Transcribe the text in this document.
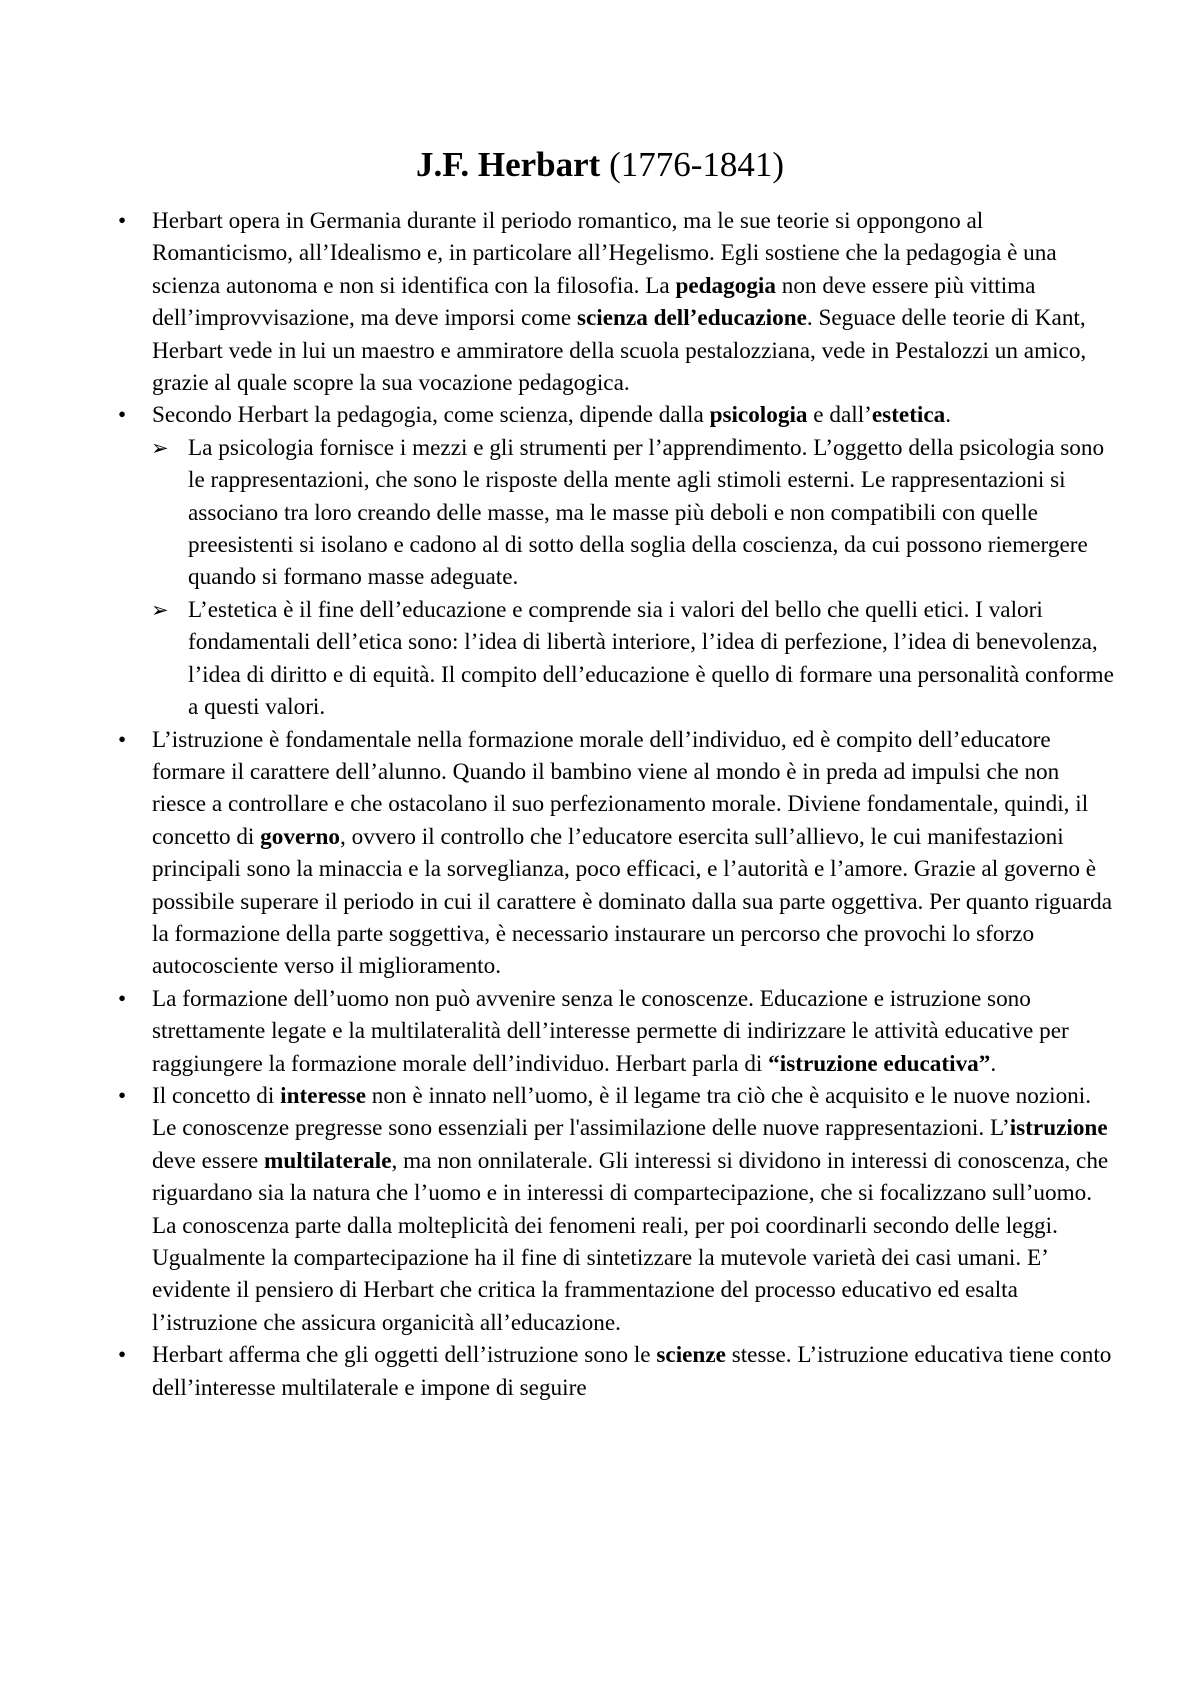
J.F. Herbart (1776-1841)

• Herbart opera in Germania durante il periodo romantico, ma le sue teorie si oppongono al Romanticismo, all’Idealismo e, in particolare all’Hegelismo. Egli sostiene che la pedagogia è una scienza autonoma e non si identifica con la filosofia. La pedagogia non deve essere più vittima dell’improvvisazione, ma deve imporsi come scienza dell’educazione. Seguace delle teorie di Kant, Herbart vede in lui un maestro e ammiratore della scuola pestalozziana, vede in Pestalozzi un amico, grazie al quale scopre la sua vocazione pedagogica.

• Secondo Herbart la pedagogia, come scienza, dipende dalla psicologia e dall’estetica.

➢ La psicologia fornisce i mezzi e gli strumenti per l’apprendimento. L’oggetto della psicologia sono le rappresentazioni, che sono le risposte della mente agli stimoli esterni. Le rappresentazioni si associano tra loro creando delle masse, ma le masse più deboli e non compatibili con quelle preesistenti si isolano e cadono al di sotto della soglia della coscienza, da cui possono riemergere quando si formano masse adeguate.

➢ L’estetica è il fine dell’educazione e comprende sia i valori del bello che quelli etici. I valori fondamentali dell’etica sono: l’idea di libertà interiore, l’idea di perfezione, l’idea di benevolenza, l’idea di diritto e di equità. Il compito dell’educazione è quello di formare una personalità conforme a questi valori.

• L’istruzione è fondamentale nella formazione morale dell’individuo, ed è compito dell’educatore formare il carattere dell’alunno. Quando il bambino viene al mondo è in preda ad impulsi che non riesce a controllare e che ostacolano il suo perfezionamento morale. Diviene fondamentale, quindi, il concetto di governo, ovvero il controllo che l’educatore esercita sull’allievo, le cui manifestazioni principali sono la minaccia e la sorveglianza, poco efficaci, e l’autorità e l’amore. Grazie al governo è possibile superare il periodo in cui il carattere è dominato dalla sua parte oggettiva. Per quanto riguarda la formazione della parte soggettiva, è necessario instaurare un percorso che provochi lo sforzo autocosciente verso il miglioramento.

• La formazione dell’uomo non può avvenire senza le conoscenze. Educazione e istruzione sono strettamente legate e la multilateralità dell’interesse permette di indirizzare le attività educative per raggiungere la formazione morale dell’individuo. Herbart parla di “istruzione educativa”.

• Il concetto di interesse non è innato nell’uomo, è il legame tra ciò che è acquisito e le nuove nozioni. Le conoscenze pregresse sono essenziali per l'assimilazione delle nuove rappresentazioni. L’istruzione deve essere multilaterale, ma non onnilaterale. Gli interessi si dividono in interessi di conoscenza, che riguardano sia la natura che l’uomo e in interessi di compartecipazione, che si focalizzano sull’uomo. La conoscenza parte dalla molteplicità dei fenomeni reali, per poi coordinarli secondo delle leggi. Ugualmente la compartecipazione ha il fine di sintetizzare la mutevole varietà dei casi umani. E’ evidente il pensiero di Herbart che critica la frammentazione del processo educativo ed esalta l’istruzione che assicura organicità all’educazione.

• Herbart afferma che gli oggetti dell’istruzione sono le scienze stesse. L’istruzione educativa tiene conto dell’interesse multilaterale e impone di seguire
